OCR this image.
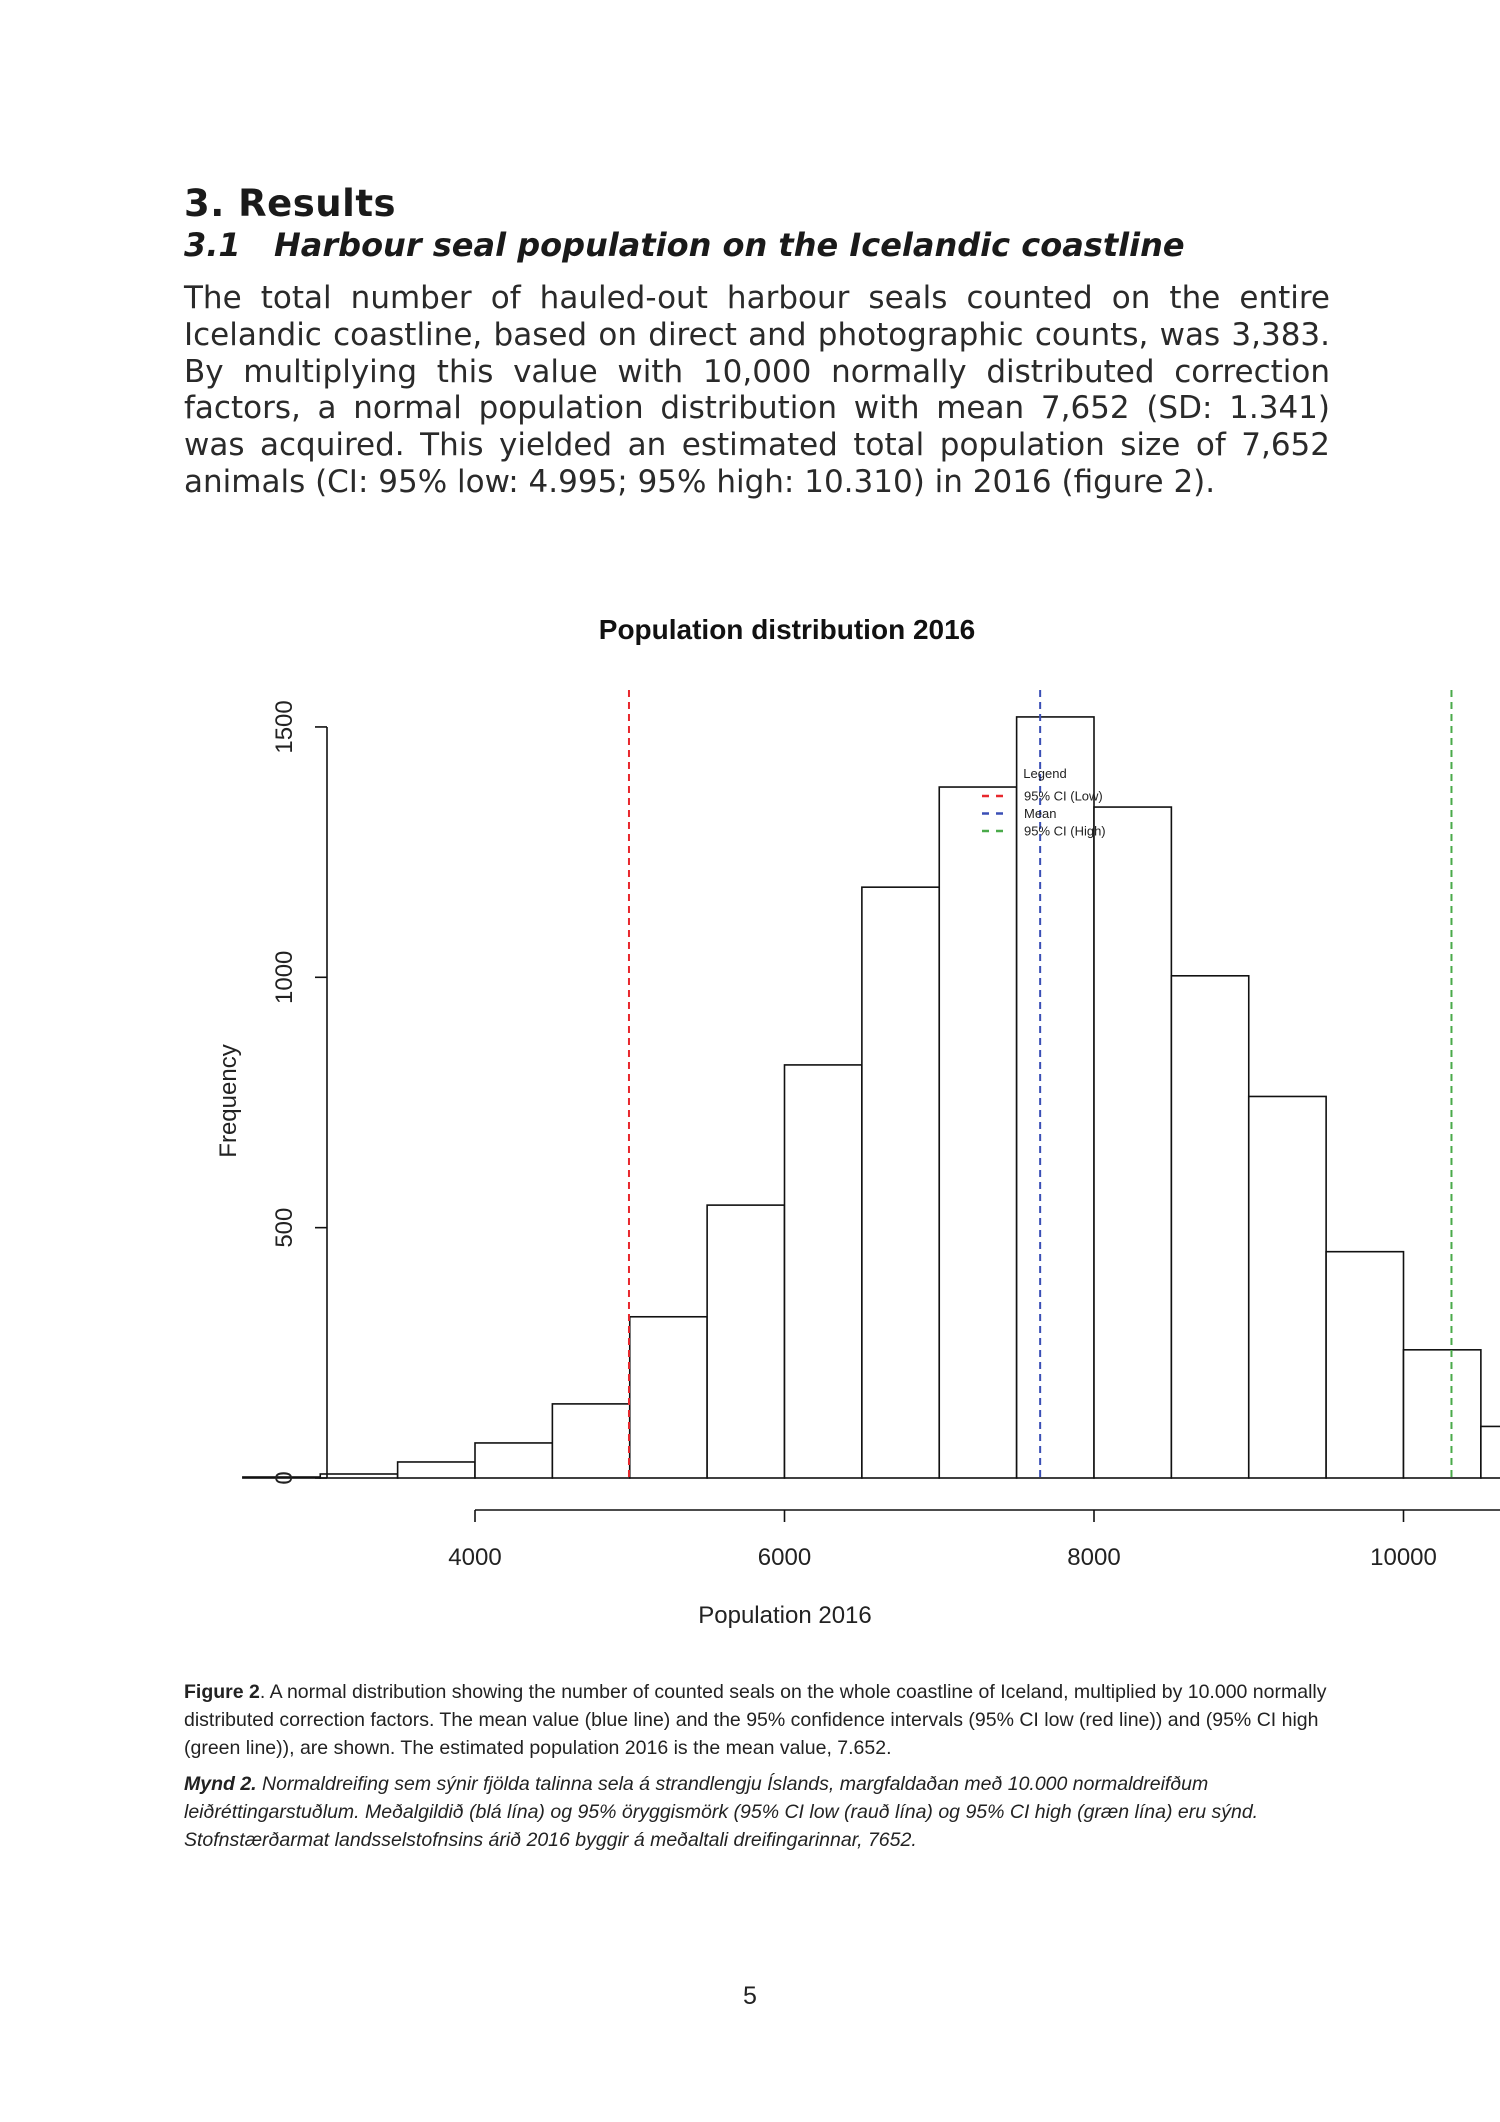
3. Results
3.1 Harbour seal population on the Icelandic coastline
The total number of hauled-out harbour seals counted on the entire Icelandic coastline, based on direct and photographic counts, was 3,383. By multiplying this value with 10,000 normally distributed correction factors, a normal population distribution with mean 7,652 (SD: 1.341) was acquired. This yielded an estimated total population size of 7,652 animals (CI: 95% low: 4.995; 95% high: 10.310) in 2016 (figure 2).
Population distribution 2016
4000	6000	8000	10000
0
500
1000
1500
Population 2016
Frequency
Legend
95% CI (Low)
Mean
95% CI (High)
Figure 2. A normal distribution showing the number of counted seals on the whole coastline of Iceland, multiplied by 10.000 normally distributed correction factors. The mean value (blue line) and the 95% confidence intervals (95% CI low (red line)) and (95% CI high (green line)), are shown. The estimated population 2016 is the mean value, 7.652.
Mynd 2. Normaldreifing sem sýnir fjölda talinna sela á strandlengju Íslands, margfaldaðan með 10.000 normaldreifðum leiðréttingarstuðlum. Meðalgildið (blá lína) og 95% öryggismörk (95% CI low (rauð lína) og 95% CI high (græn lína) eru sýnd. Stofnstærðarmat landsselstofnsins árið 2016 byggir á meðaltali dreifingarinnar, 7652.
5
